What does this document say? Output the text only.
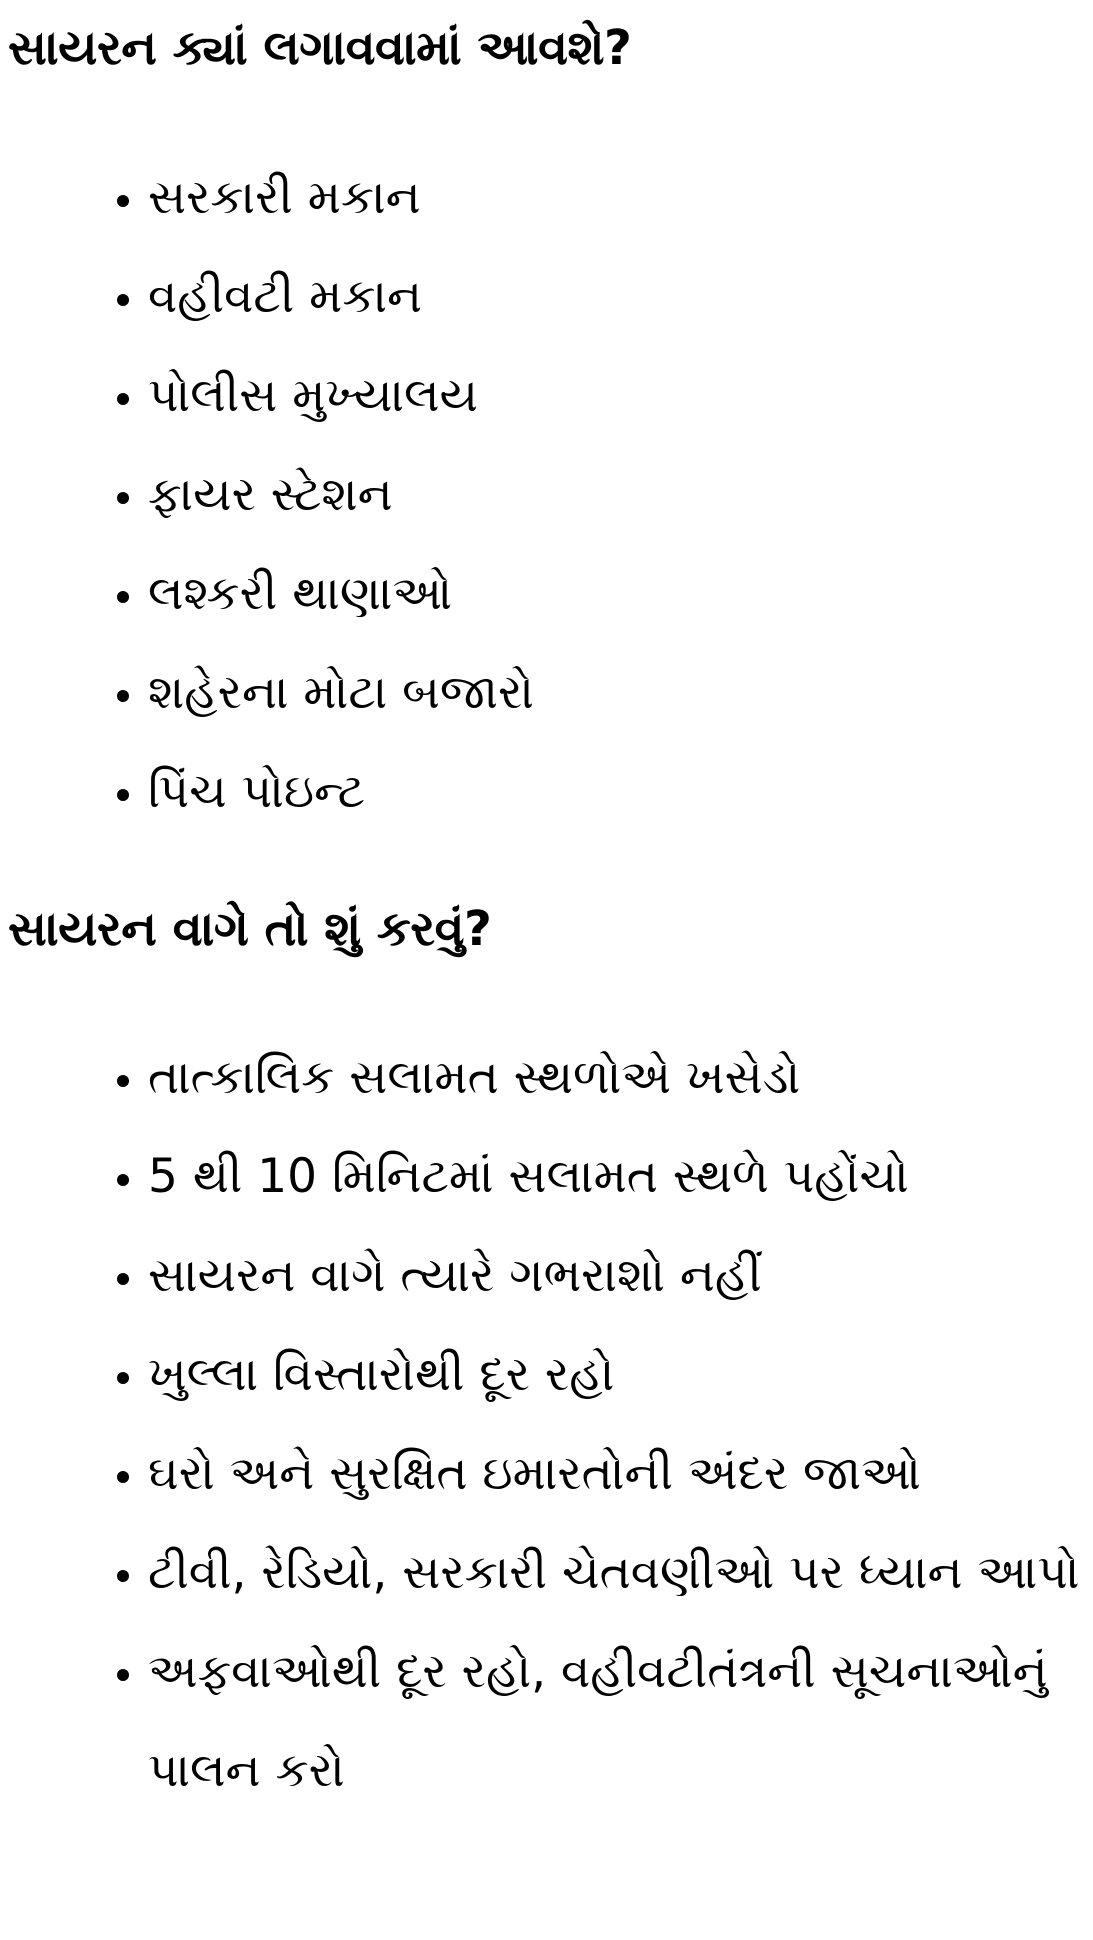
સાયરન ક્યાં લગાવવામાં આવશે?
• સરકારી મકાન
• વહીવટી મકાન
• પોલીસ મુખ્યાલય
• ફાયર સ્ટેશન
• લશ્કરી થાણાઓ
• શહેરના મોટા બજારો
• પિંચ પોઇન્ટ
સાયરન વાગે તો શું કરવું?
• તાત્કાલિક સલામત સ્થળોએ ખસેડો
• 5 થી 10 મિનિટમાં સલામત સ્થળે પહોંચો
• સાયરન વાગે ત્યારે ગભરાશો નહીં
• ખુલ્લા વિસ્તારોથી દૂર રહો
• ઘરો અને સુરક્ષિત ઇમારતોની અંદર જાઓ
• ટીવી, રેડિયો, સરકારી ચેતવણીઓ પર ધ્યાન આપો
• અફવાઓથી દૂર રહો, વહીવટીતંત્રની સૂચનાઓનું પાલન કરો
